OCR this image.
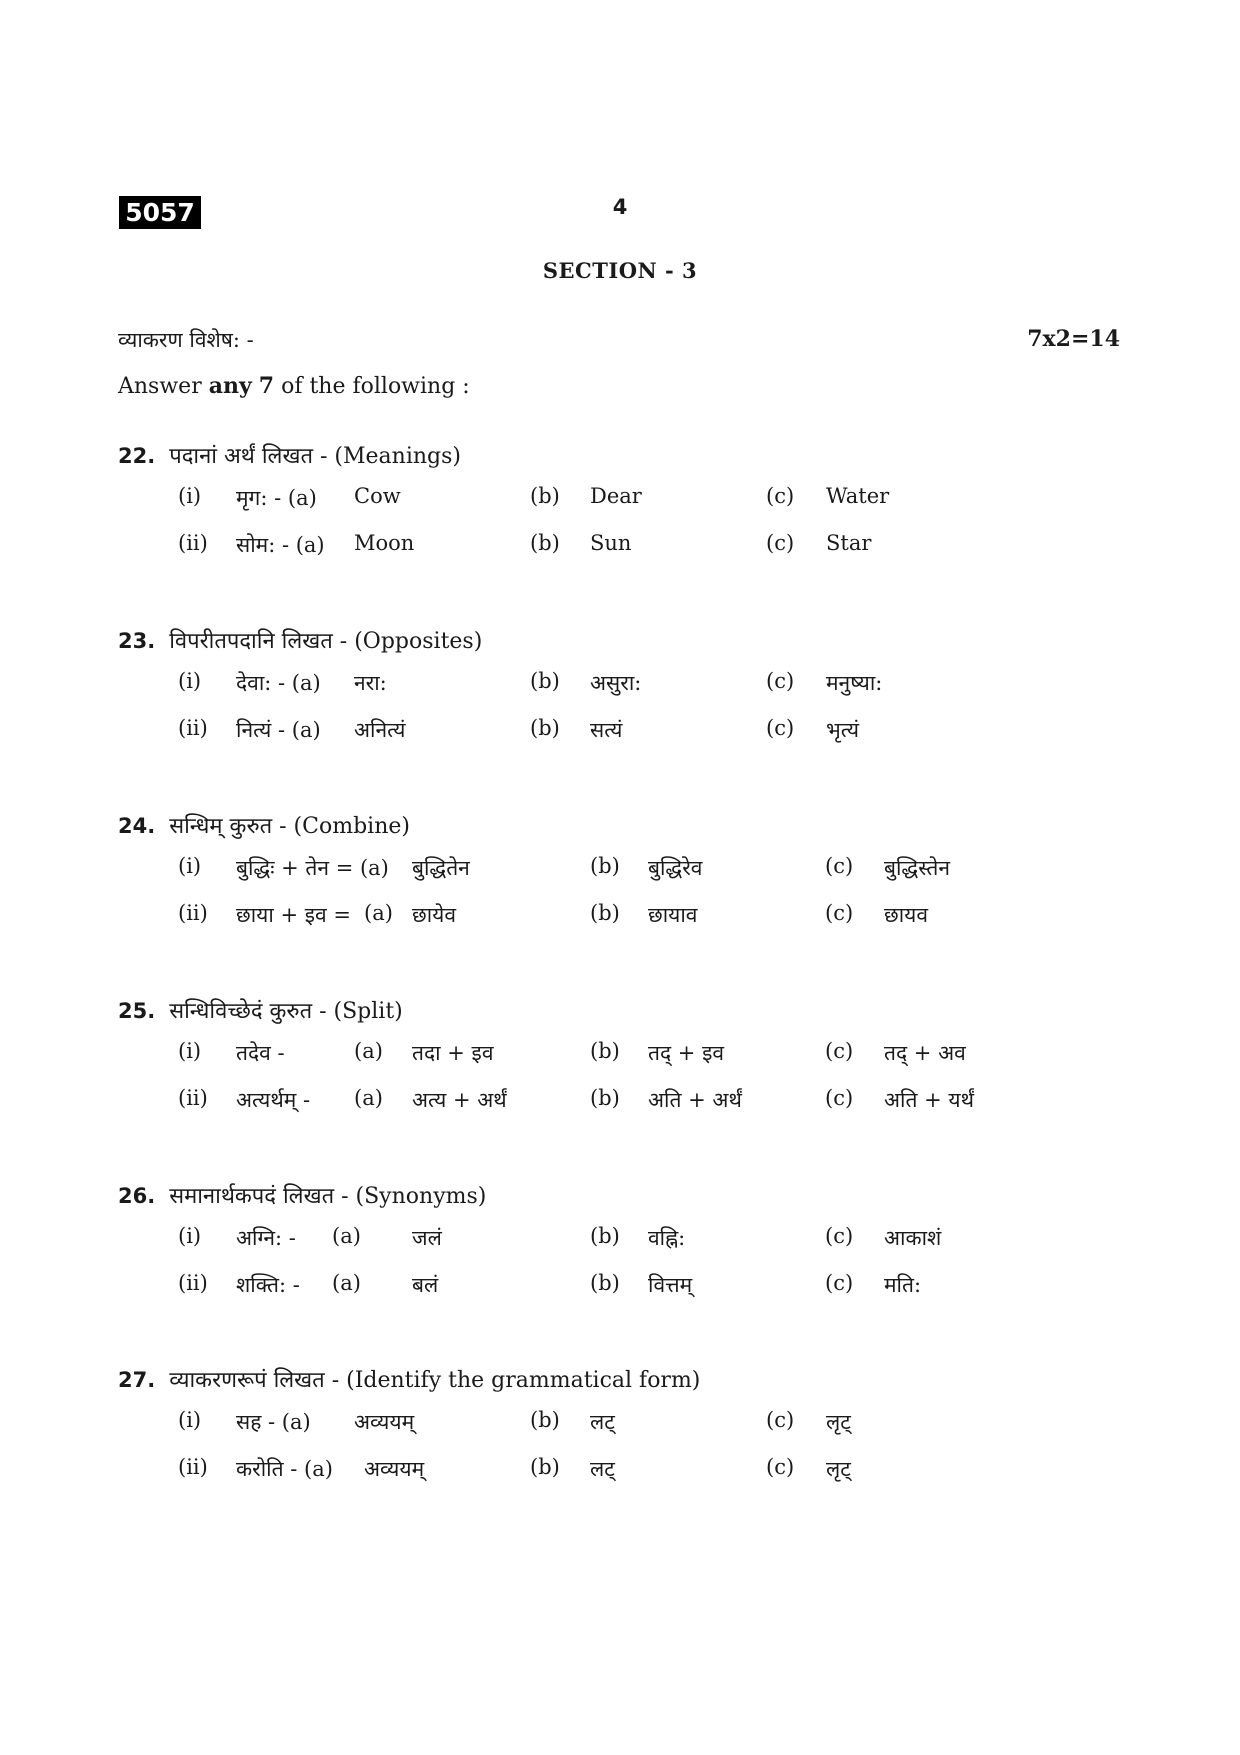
5057	4
SECTION - 3
व्याकरण विशेष: -	7x2=14
Answer any 7 of the following :
22. पदानां अर्थं लिखत - (Meanings)
(i) मृग: - (a) Cow	(b) Dear	(c) Water
(ii) सोम: - (a) Moon	(b) Sun	(c) Star
23. विपरीतपदानि लिखत - (Opposites)
(i) देवा: - (a) नरा:	(b) असुरा:	(c) मनुष्या:
(ii) नित्यं - (a) अनित्यं	(b) सत्यं	(c) भृत्यं
24. सन्धिम् कुरुत - (Combine)
(i) बुद्धिः + तेन = (a) बुद्धितेन	(b) बुद्धिरेव	(c) बुद्धिस्तेन
(ii) छाया + इव = (a) छायेव	(b) छायाव	(c) छायव
25. सन्धिविच्छेदं कुरुत - (Split)
(i) तदेव -	(a) तदा + इव	(b) तद् + इव	(c) तद् + अव
(ii) अत्यर्थम् - (a) अत्य + अर्थं	(b) अति + अर्थं	(c) अति + यर्थं
26. समानार्थकपदं लिखत - (Synonyms)
(i) अग्नि: - (a) जलं	(b) वह्नि:	(c) आकाशं
(ii) शक्ति: - (a) बलं	(b) वित्तम्	(c) मति:
27. व्याकरणरूपं लिखत - (Identify the grammatical form)
(i) सह - (a) अव्ययम्	(b) लट्	(c) लृट्
(ii) करोति - (a) अव्ययम्	(b) लट्	(c) लृट्
